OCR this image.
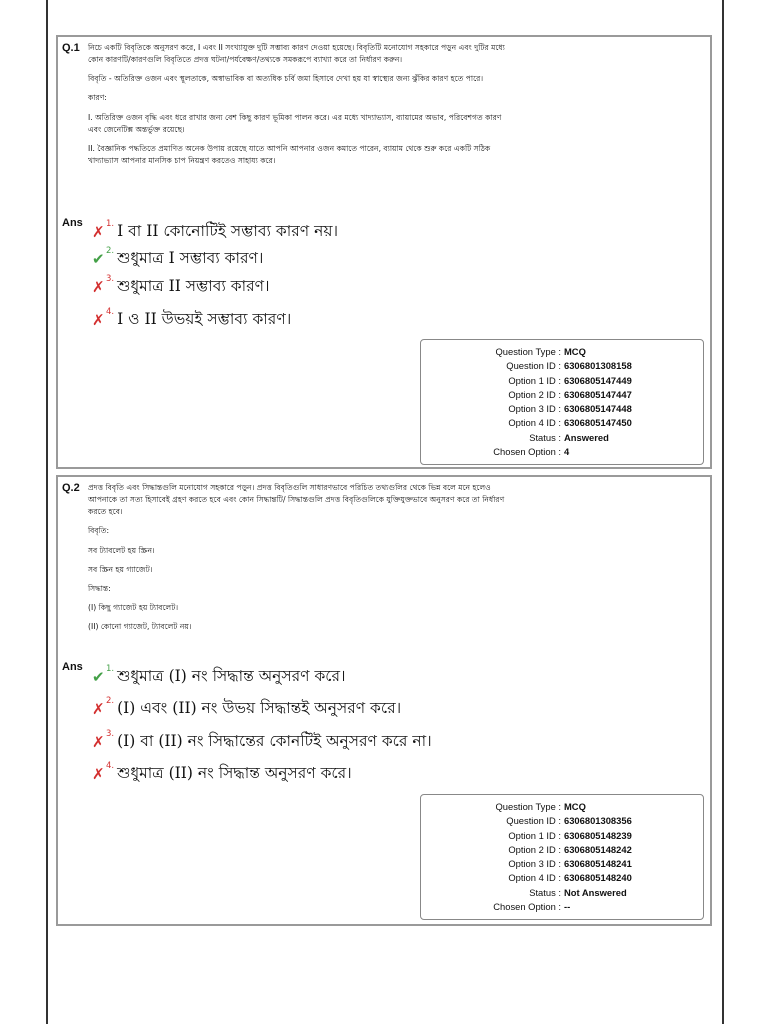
Q.1 নিচে একটি বিবৃতিকে অনুসরণ করে, I এবং II সংখ্যাযুক্ত দুটি সম্ভাব্য কারণ দেওয়া হয়েছে। বিবৃতিটি মনোযোগ সহকারে পড়ুন এবং দুটির মধ্যে কোন কারণটি/কারণগুলি বিবৃতিতে প্রদত্ত ঘটনা/পর্যবেক্ষণ/তথ্যকে সমকরূপে ব্যাখ্যা করে তা নির্ধারণ করুন।

বিবৃতি - অতিরিক্ত ওজন এবং স্থূলতাকে, অস্বাভাবিক বা অত্যধিক চর্বি জমা হিসাবে দেখা হয় যা স্বাস্থ্যের জন্য ঝুঁকির কারণ হতে পারে।

কারণ:

I. অতিরিক্ত ওজন বৃদ্ধি এবং ধরে রাখার জন্য বেশ কিছু কারণ ভূমিকা পালন করে। এর মধ্যে খাদ্যাভ্যাস, ব্যায়ামের অভাব, পরিবেশগত কারণ এবং জেনেটিক্স অন্তর্ভুক্ত রয়েছে।

II. বৈজ্ঞানিক পদ্ধতিতে প্রমাণিত অনেক উপায় রয়েছে যাতে আপনি আপনার ওজন কমাতে পারেন, ব্যায়াম থেকে শুরু করে একটি সঠিক খাদ্যাভ্যাস আপনার মানসিক চাপ নিয়ন্ত্রণ করতেও সাহায্য করে।

Ans ✗1. I বা II কোনোটিই সম্ভাব্য কারণ নয়।
✔2. শুধুমাত্র I সম্ভাব্য কারণ।
✗3. শুধুমাত্র II সম্ভাব্য কারণ।
✗4. I ও II উভয়ই সম্ভাব্য কারণ।
Question Type : MCQ
Question ID : 6306801308158
Option 1 ID : 6306805147449
Option 2 ID : 6306805147447
Option 3 ID : 6306805147448
Option 4 ID : 6306805147450
Status : Answered
Chosen Option : 4
Q.2 প্রদত্ত বিবৃতি এবং সিদ্ধান্তগুলি মনোযোগ সহকারে পড়ুন। প্রদত্ত বিবৃতিগুলি সাধারণভাবে পরিচিত তথ্যগুলির থেকে ভিন্ন বলে মনে হলেও আপনাকে তা সত্য হিসাবেই গ্রহণ করতে হবে এবং কোন সিদ্ধান্তটি/ সিদ্ধান্তগুলি প্রদত্ত বিবৃতিগুলিকে যুক্তিযুক্তভাবে অনুসরণ করে তা নির্ধারণ করতে হবে।

বিবৃতি:

সব ট্যাবলেট হয় স্ক্রিন।

সব স্ক্রিন হয় গ্যাজেট।

সিদ্ধান্ত:

(I) কিছু গ্যাজেট হয় ট্যাবলেট।

(II) কোনো গ্যাজেট, ট্যাবলেট নয়।

Ans
✔1. শুধুমাত্র (I) নং সিদ্ধান্ত অনুসরণ করে।
✗2. (I) এবং (II) নং উভয় সিদ্ধান্তই অনুসরণ করে।
✗3. (I) বা (II) নং সিদ্ধান্তের কোনটিই অনুসরণ করে না।
✗4. শুধুমাত্র (II) নং সিদ্ধান্ত অনুসরণ করে।
Question Type : MCQ
Question ID : 6306801308356
Option 1 ID : 6306805148239
Option 2 ID : 6306805148242
Option 3 ID : 6306805148241
Option 4 ID : 6306805148240
Status : Not Answered
Chosen Option : --
